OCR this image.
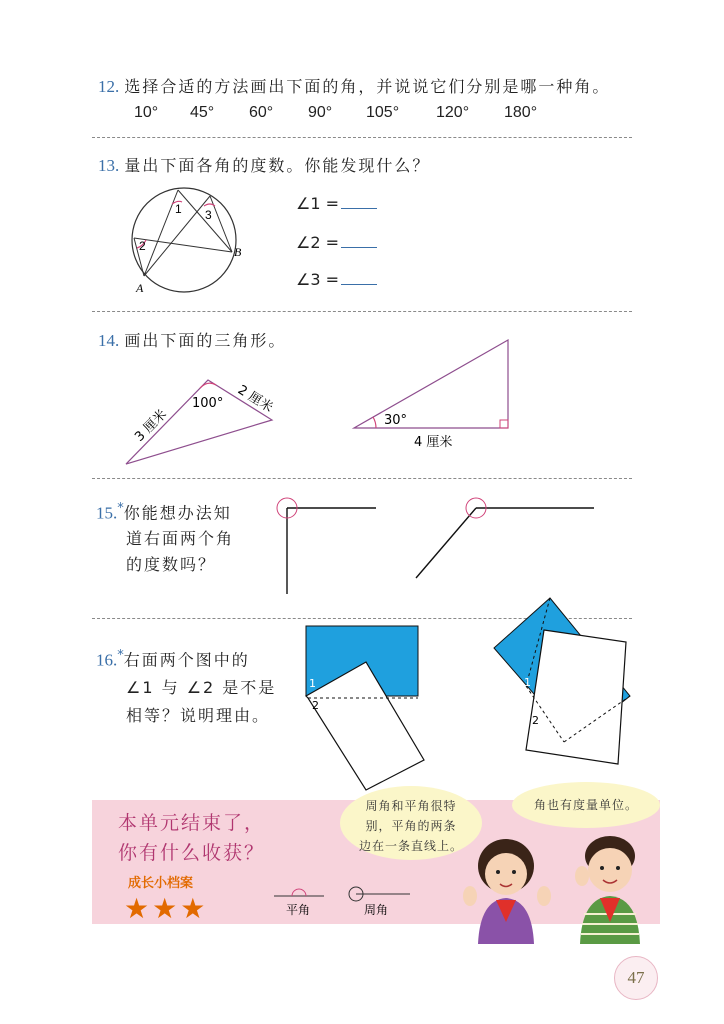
12. 选择合适的方法画出下面的角，并说说它们分别是哪一种角。
10° 45° 60° 90° 105° 120° 180°
13. 量出下面各角的度数。你能发现什么？
1 3
2
A
B
∠1 =
∠2 =
∠3 =
14. 画出下面的三角形。
100°
3 厘米
2 厘米
30°
4 厘米
15.*你能想办法知
道右面两个角
的度数吗？
16.*右面两个图中的
∠1 与 ∠2 是不是
相等？说明理由。
1
2
1
2
本单元结束了，
你有什么收获？
成长小档案
★★★	平角	周角
周角和平角很特
别，平角的两条
边在一条直线上。
角也有度量单位。
47
